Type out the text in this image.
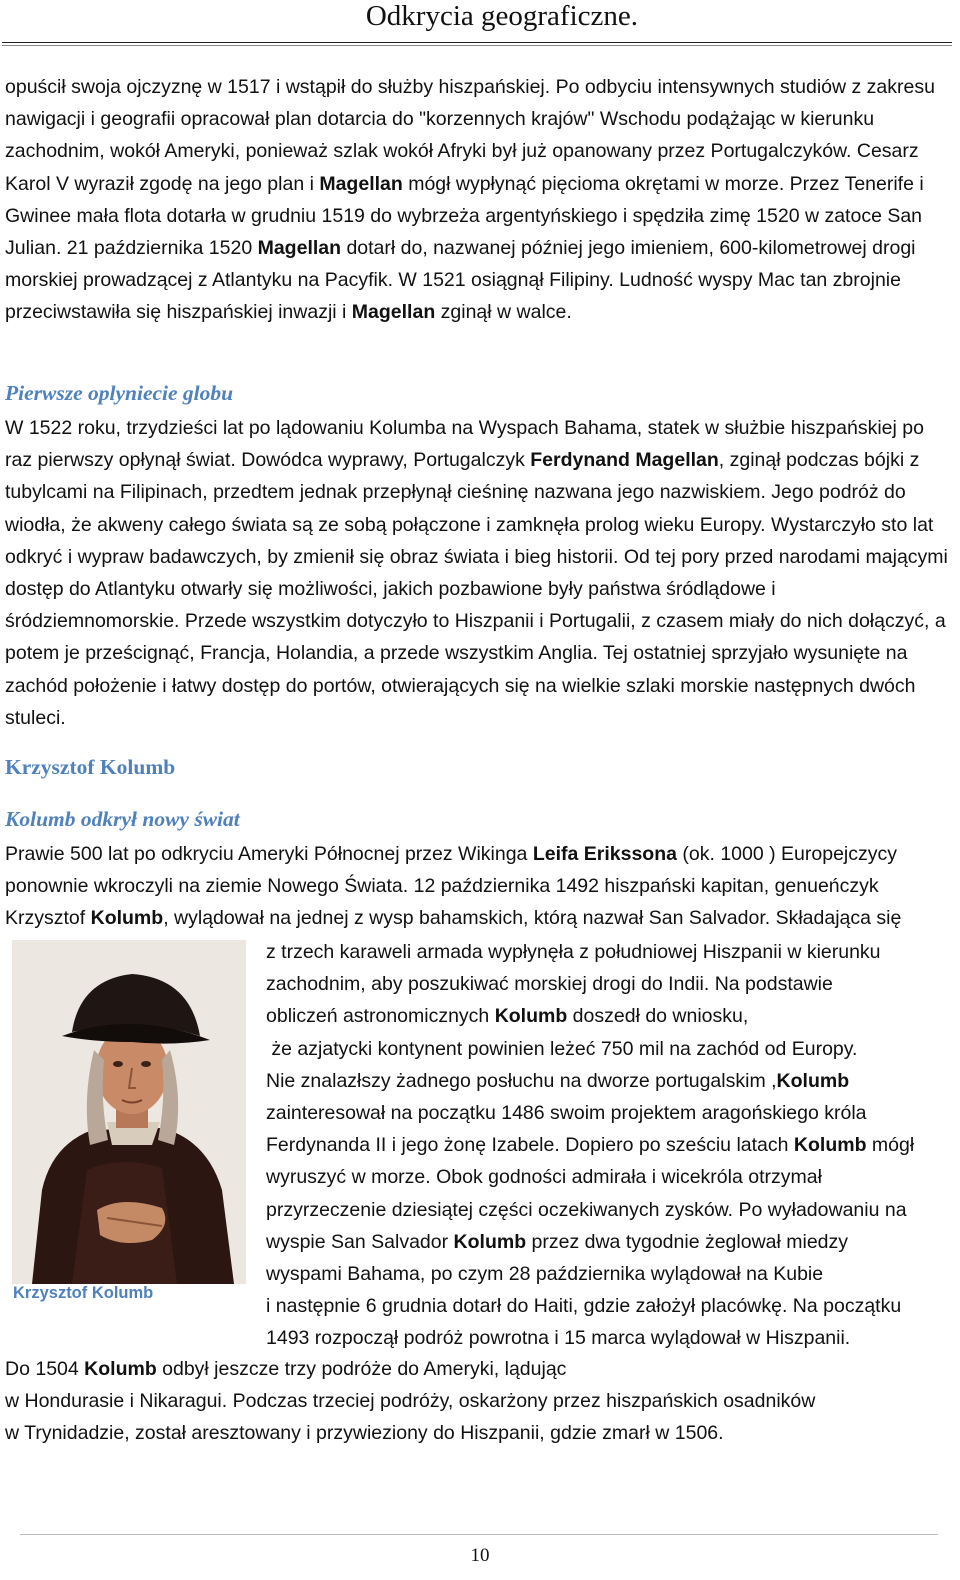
Odkrycia geograficzne.

opuścił swoja ojczyznę w 1517 i wstąpił do służby hiszpańskiej. Po odbyciu intensywnych studiów z zakresu nawigacji i geografii opracował plan dotarcia do "korzennych krajów" Wschodu podążając w kierunku zachodnim, wokół Ameryki, ponieważ szlak wokół Afryki był już opanowany przez Portugalczyków. Cesarz Karol V wyraził zgodę na jego plan i Magellan mógł wypłynąć pięcioma okrętami w morze. Przez Tenerife i Gwinee mała flota dotarła w grudniu 1519 do wybrzeża argentyńskiego i spędziła zimę 1520 w zatoce San Julian. 21 października 1520 Magellan dotarł do, nazwanej później jego imieniem, 600-kilometrowej drogi morskiej prowadzącej z Atlantyku na Pacyfik. W 1521 osiągnął Filipiny. Ludność wyspy Mac tan zbrojnie przeciwstawiła się hiszpańskiej inwazji i Magellan zginął w walce.

Pierwsze oplyniecie globu

W 1522 roku, trzydzieści lat po lądowaniu Kolumba na Wyspach Bahama, statek w służbie hiszpańskiej po raz pierwszy opłynął świat. Dowódca wyprawy, Portugalczyk Ferdynand Magellan, zginął podczas bójki z tubylcami na Filipinach, przedtem jednak przepłynął cieśninę nazwana jego nazwiskiem. Jego podróż do wiodła, że akweny całego świata są ze sobą połączone i zamknęła prolog wieku Europy. Wystarczyło sto lat odkryć i wypraw badawczych, by zmienił się obraz świata i bieg historii. Od tej pory przed narodami mającymi dostęp do Atlantyku otwarły się możliwości, jakich pozbawione były państwa śródlądowe i śródziemnomorskie. Przede wszystkim dotyczyło to Hiszpanii i Portugalii, z czasem miały do nich dołączyć, a potem je prześcignąć, Francja, Holandia, a przede wszystkim Anglia. Tej ostatniej sprzyjało wysunięte na zachód położenie i łatwy dostęp do portów, otwierających się na wielkie szlaki morskie następnych dwóch stuleci.

Krzysztof Kolumb
Kolumb odkrył nowy świat

Prawie 500 lat po odkryciu Ameryki Północnej przez Wikinga Leifa Erikssona (ok. 1000 ) Europejczycy ponownie wkroczyli na ziemie Nowego Świata. 12 października 1492 hiszpański kapitan, genueńczyk Krzysztof Kolumb, wylądował na jednej z wysp bahamskich, którą nazwał San Salvador. Składająca się

Krzysztof Kolumb

z trzech karaweli armada wypłynęła z południowej Hiszpanii w kierunku

zachodnim, aby poszukiwać morskiej drogi do Indii. Na podstawie

obliczeń astronomicznych Kolumb doszedł do wniosku,

że azjatycki kontynent powinien leżeć 750 mil na zachód od Europy.

Nie znalazłszy żadnego posłuchu na dworze portugalskim ,Kolumb

zainteresował na początku 1486 swoim projektem aragońskiego króla

Ferdynanda II i jego żonę Izabele. Dopiero po sześciu latach Kolumb mógł

wyruszyć w morze. Obok godności admirała i wicekróla otrzymał

przyrzeczenie dziesiątej części oczekiwanych zysków. Po wyładowaniu na

wyspie San Salvador Kolumb przez dwa tygodnie żeglował miedzy

wyspami Bahama, po czym 28 października wylądował na Kubie

i następnie 6 grudnia dotarł do Haiti, gdzie założył placówkę. Na początku

1493 rozpoczął podróż powrotna i 15 marca wylądował w Hiszpanii.

Do 1504 Kolumb odbył jeszcze trzy podróże do Ameryki, lądując

w Hondurasie i Nikaragui. Podczas trzeciej podróży, oskarżony przez hiszpańskich osadników

w Trynidadzie, został aresztowany i przywieziony do Hiszpanii, gdzie zmarł w 1506.

10
